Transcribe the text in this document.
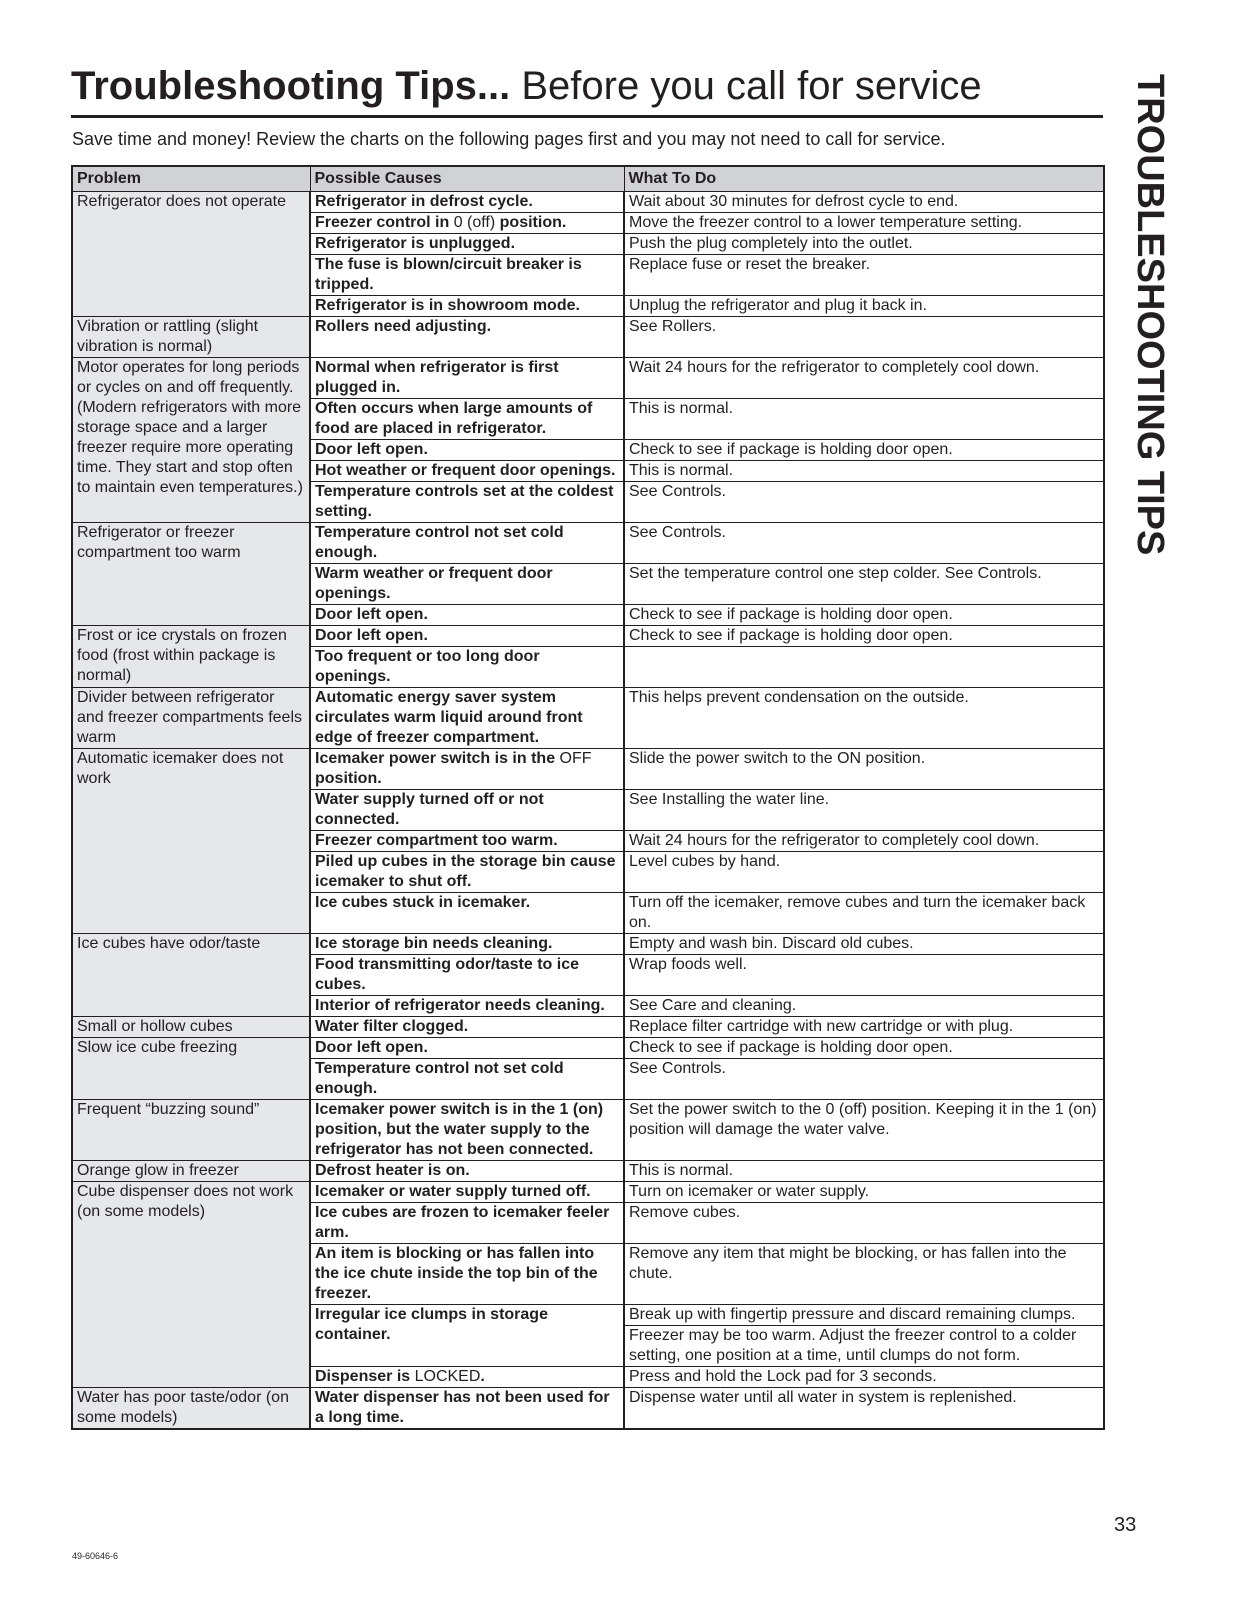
Troubleshooting Tips... Before you call for service
Save time and money! Review the charts on the following pages first and you may not need to call for service.	TROUBLESHOOTING TIPS
Problem	Possible Causes	What To Do
Refrigerator does not operate	Refrigerator in defrost cycle.	Wait about 30 minutes for defrost cycle to end.

	Freezer control in 0 (off) position.	Move the freezer control to a lower temperature setting.

	Refrigerator is unplugged.	Push the plug completely into the outlet.

	The fuse is blown/circuit breaker is tripped.	Replace fuse or reset the breaker.

	Refrigerator is in showroom mode.	Unplug the refrigerator and plug it back in.

Vibration or rattling (slight vibration is normal)	Rollers need adjusting.	See Rollers.

Motor operates for long periods or cycles on and off frequently. (Modern refrigerators with more storage space and a larger freezer require more operating time. They start and stop often to maintain even temperatures.)	Normal when refrigerator is first plugged in.	Wait 24 hours for the refrigerator to completely cool down.

	Often occurs when large amounts of food are placed in refrigerator.	This is normal.

	Door left open.	Check to see if package is holding door open.

	Hot weather or frequent door openings.	This is normal.

	Temperature controls set at the coldest setting.	See Controls.

Refrigerator or freezer compartment too warm	Temperature control not set cold enough.	See Controls.

	Warm weather or frequent door openings.	Set the temperature control one step colder. See Controls.

	Door left open.	Check to see if package is holding door open.

Frost or ice crystals on frozen food (frost within package is normal)	Door left open.	Check to see if package is holding door open.

	Too frequent or too long door openings.	

Divider between refrigerator and freezer compartments feels warm	Automatic energy saver system circulates warm liquid around front edge of freezer compartment.	This helps prevent condensation on the outside.

Automatic icemaker does not work	Icemaker power switch is in the OFF position.	Slide the power switch to the ON position.

	Water supply turned off or not connected.	See Installing the water line.

	Freezer compartment too warm.	Wait 24 hours for the refrigerator to completely cool down.

	Piled up cubes in the storage bin cause icemaker to shut off.	Level cubes by hand.

	Ice cubes stuck in icemaker.	Turn off the icemaker, remove cubes and turn the icemaker back on.

Ice cubes have odor/taste	Ice storage bin needs cleaning.	Empty and wash bin. Discard old cubes.

	Food transmitting odor/taste to ice cubes.	Wrap foods well.

	Interior of refrigerator needs cleaning.	See Care and cleaning.

Small or hollow cubes	Water filter clogged.	Replace filter cartridge with new cartridge or with plug.

Slow ice cube freezing	Door left open.	Check to see if package is holding door open.

	Temperature control not set cold enough.	See Controls.

Frequent “buzzing sound”	Icemaker power switch is in the 1 (on) position, but the water supply to the refrigerator has not been connected.	Set the power switch to the 0 (off) position. Keeping it in the 1 (on) position will damage the water valve.

Orange glow in freezer	Defrost heater is on.	This is normal.

Cube dispenser does not work (on some models)	Icemaker or water supply turned off.	Turn on icemaker or water supply.

	Ice cubes are frozen to icemaker feeler arm.	Remove cubes.

	An item is blocking or has fallen into the ice chute inside the top bin of the freezer.	Remove any item that might be blocking, or has fallen into the chute.

	Irregular ice clumps in storage container.	Break up with fingertip pressure and discard remaining clumps.

		Freezer may be too warm. Adjust the freezer control to a colder setting, one position at a time, until clumps do not form.
	Dispenser is LOCKED.	Press and hold the Lock pad for 3 seconds.

Water has poor taste/odor (on some models)	Water dispenser has not been used for a long time.	Dispense water until all water in system is replenished.
49-60646-6
33
